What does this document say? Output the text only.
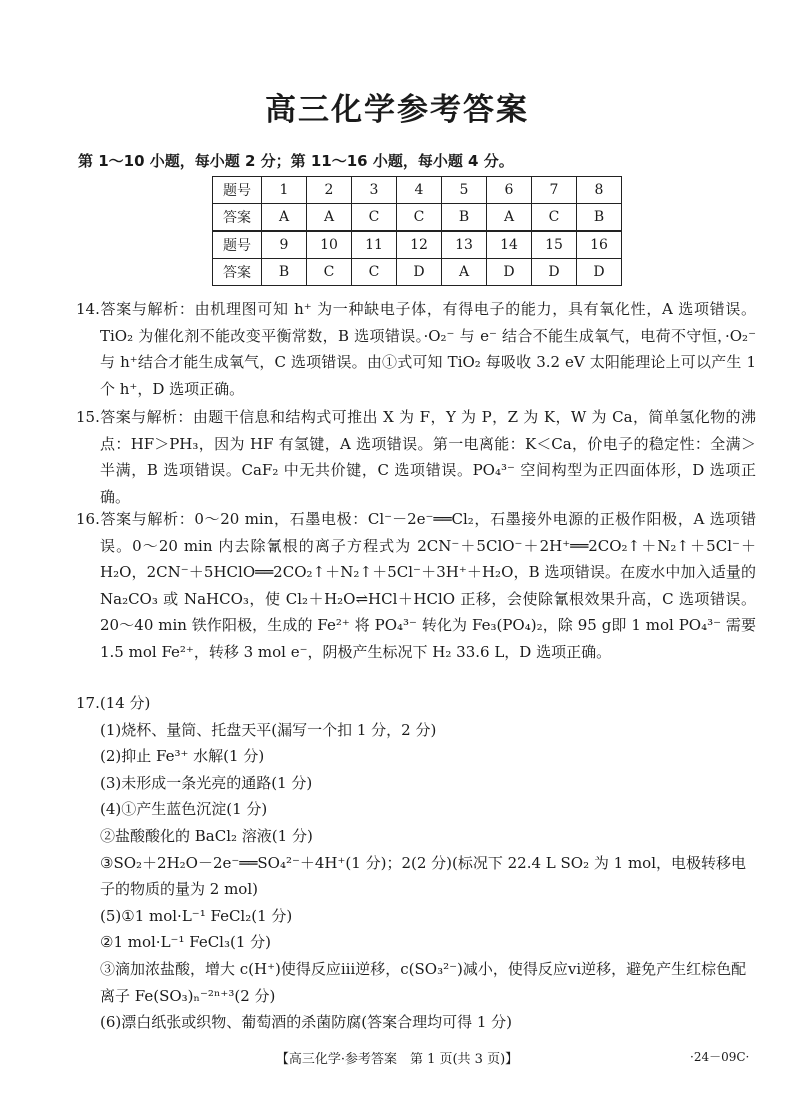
高三化学参考答案
第 1～10 小题，每小题 2 分；第 11～16 小题，每小题 4 分。
题号	1	2	3	4	5	6	7	8
答案	A	A	C	C	B	A	C	B
题号	9	10	11	12	13	14	15	16
答案	B	C	C	D	A	D	D	D

14.答案与解析：由机理图可知 h⁺ 为一种缺电子体，有得电子的能力，具有氧化性，A 选项错误。TiO₂ 为催化剂不能改变平衡常数，B 选项错误。·O₂⁻ 与 e⁻ 结合不能生成氧气，电荷不守恒，·O₂⁻ 与 h⁺结合才能生成氧气，C 选项错误。由①式可知 TiO₂ 每吸收 3.2 eV 太阳能理论上可以产生 1 个 h⁺，D 选项正确。

15.答案与解析：由题干信息和结构式可推出 X 为 F，Y 为 P，Z 为 K，W 为 Ca，简单氢化物的沸点：HF＞PH₃，因为 HF 有氢键，A 选项错误。第一电离能：K＜Ca，价电子的稳定性：全满＞半满，B 选项错误。CaF₂ 中无共价键，C 选项错误。PO₄³⁻ 空间构型为正四面体形，D 选项正确。

16.答案与解析：0～20 min，石墨电极：Cl⁻－2e⁻══Cl₂，石墨接外电源的正极作阳极，A 选项错误。0～20 min 内去除氰根的离子方程式为 2CN⁻＋5ClO⁻＋2H⁺══2CO₂↑＋N₂↑＋5Cl⁻＋H₂O，2CN⁻＋5HClO══2CO₂↑＋N₂↑＋5Cl⁻＋3H⁺＋H₂O，B 选项错误。在废水中加入适量的 Na₂CO₃ 或 NaHCO₃，使 Cl₂＋H₂O⇌HCl＋HClO 正移，会使除氰根效果升高，C 选项错误。20～40 min 铁作阳极，生成的 Fe²⁺ 将 PO₄³⁻ 转化为 Fe₃(PO₄)₂，除 95 g即 1 mol PO₄³⁻ 需要 1.5 mol Fe²⁺，转移 3 mol e⁻，阴极产生标况下 H₂ 33.6 L，D 选项正确。

17.(14 分)

(1)烧杯、量筒、托盘天平(漏写一个扣 1 分，2 分)

(2)抑止 Fe³⁺ 水解(1 分)

(3)未形成一条光亮的通路(1 分)

(4)①产生蓝色沉淀(1 分)

②盐酸酸化的 BaCl₂ 溶液(1 分)

③SO₂＋2H₂O－2e⁻══SO₄²⁻＋4H⁺(1 分)；2(2 分)(标况下 22.4 L SO₂ 为 1 mol，电极转移电子的物质的量为 2 mol)

(5)①1 mol·L⁻¹ FeCl₂(1 分)

②1 mol·L⁻¹ FeCl₃(1 分)

③滴加浓盐酸，增大 c(H⁺)使得反应ⅲ逆移，c(SO₃²⁻)减小，使得反应ⅵ逆移，避免产生红棕色配离子 Fe(SO₃)ₙ⁻²ⁿ⁺³(2 分)

(6)漂白纸张或织物、葡萄酒的杀菌防腐(答案合理均可得 1 分)

【高三化学·参考答案　第 1 页(共 3 页)】	·24－09C·
